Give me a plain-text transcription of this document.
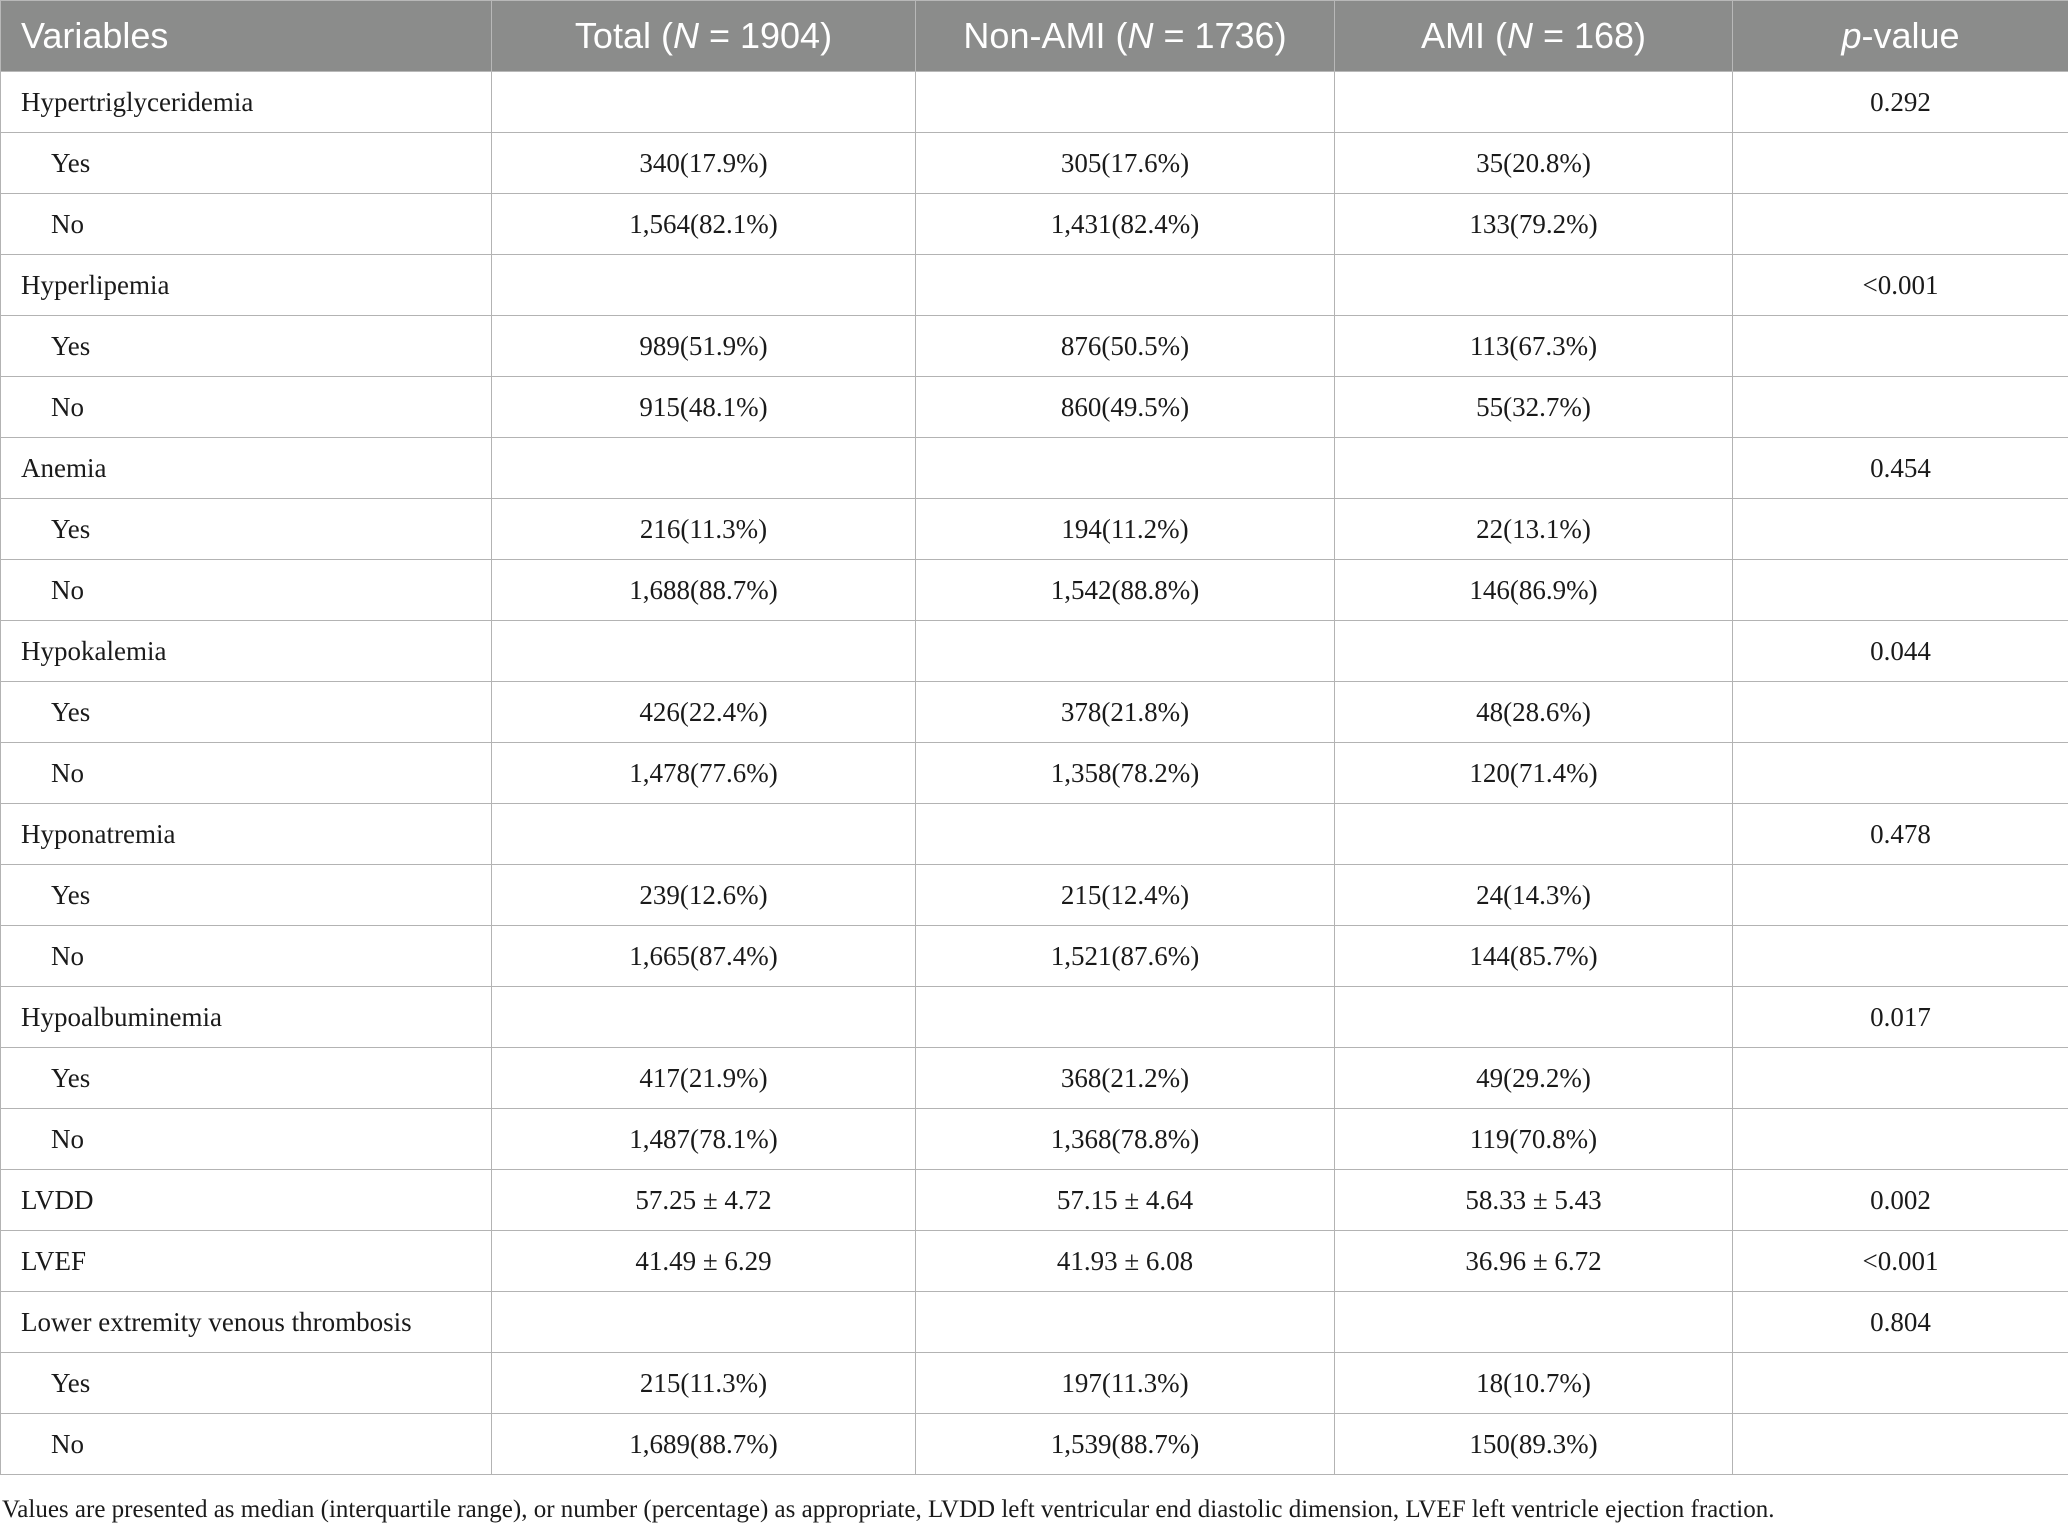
Variables	Total (N = 1904)	Non-AMI (N = 1736)	AMI (N = 168)	p-value
Hypertriglyceridemia				0.292
Yes	340(17.9%)	305(17.6%)	35(20.8%)	
No	1,564(82.1%)	1,431(82.4%)	133(79.2%)	
Hyperlipemia				<0.001
Yes	989(51.9%)	876(50.5%)	113(67.3%)	
No	915(48.1%)	860(49.5%)	55(32.7%)	
Anemia				0.454
Yes	216(11.3%)	194(11.2%)	22(13.1%)	
No	1,688(88.7%)	1,542(88.8%)	146(86.9%)	
Hypokalemia				0.044
Yes	426(22.4%)	378(21.8%)	48(28.6%)	
No	1,478(77.6%)	1,358(78.2%)	120(71.4%)	
Hyponatremia				0.478
Yes	239(12.6%)	215(12.4%)	24(14.3%)	
No	1,665(87.4%)	1,521(87.6%)	144(85.7%)	
Hypoalbuminemia				0.017
Yes	417(21.9%)	368(21.2%)	49(29.2%)	
No	1,487(78.1%)	1,368(78.8%)	119(70.8%)	
LVDD	57.25 ± 4.72	57.15 ± 4.64	58.33 ± 5.43	0.002
LVEF	41.49 ± 6.29	41.93 ± 6.08	36.96 ± 6.72	<0.001
Lower extremity venous thrombosis				0.804
Yes	215(11.3%)	197(11.3%)	18(10.7%)	
No	1,689(88.7%)	1,539(88.7%)	150(89.3%)	
Values are presented as median (interquartile range), or number (percentage) as appropriate, LVDD left ventricular end diastolic dimension, LVEF left ventricle ejection fraction.
